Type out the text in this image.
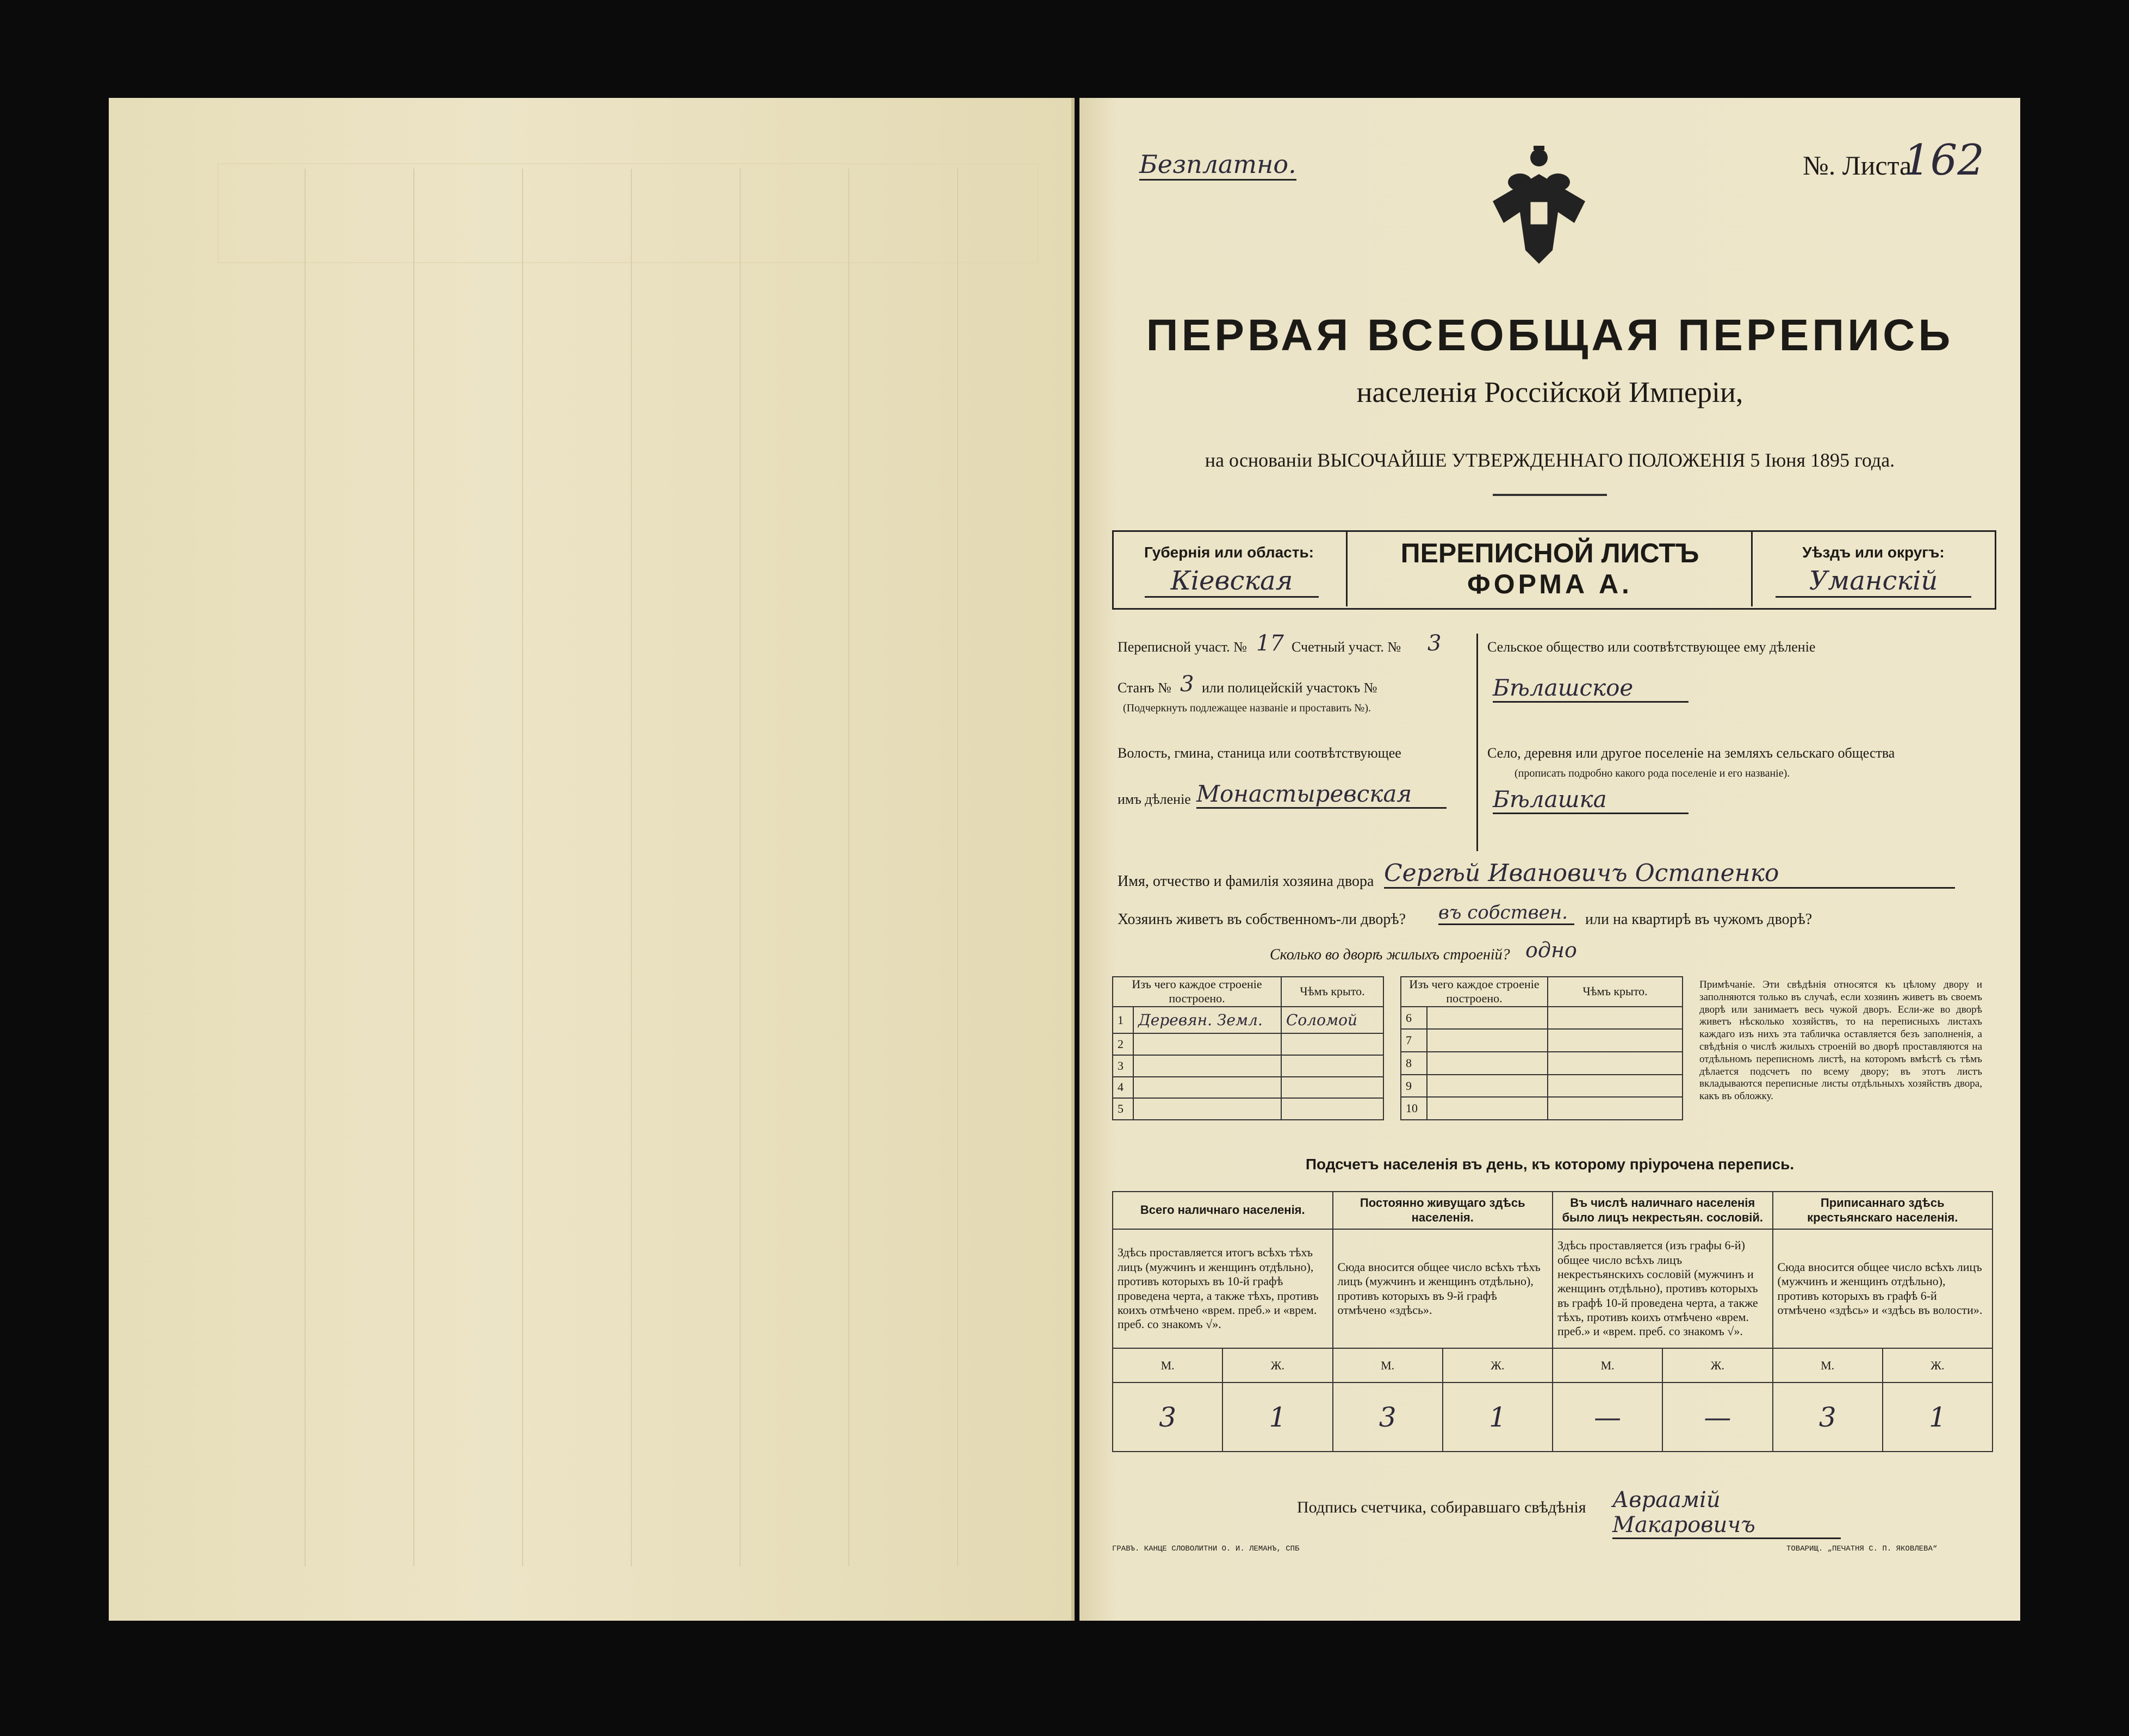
Безплатно.	№. Листа
162
ПЕРВАЯ ВСЕОБЩАЯ ПЕРЕПИСЬ
населенія Россійской Имперіи,
на основаніи ВЫСОЧАЙШЕ УТВЕРЖДЕННАГО ПОЛОЖЕНІЯ 5 Іюня 1895 года.
Губернія или область:
Кіевская
ПЕРЕПИСНОЙ ЛИСТЪ
ФОРМА А.
Уѣздъ или округъ:
Уманскій
Переписной участ. № 17 Счетный участ. № 3
Станъ № 3 или полицейскій участокъ №
(Подчеркнуть подлежащее названіе и проставить №).
Волость, гмина, станица или соотвѣтствующее
имъ дѣленіе Монастыревская
Сельское общество или соотвѣтствующее ему дѣленіе
Бѣлашское
Село, деревня или другое поселеніе на земляхъ сельскаго общества
(прописать подробно какого рода поселеніе и его названіе).
Бѣлашка
Имя, отчество и фамилія хозяина двора Сергѣй Ивановичъ Остапенко
Хозяинъ живетъ въ собственномъ-ли дворѣ? въ собствен.	или на квартирѣ въ чужомъ дворѣ?
Сколько во дворѣ жилыхъ строеній? одно
Изъ чего каждое строеніе построено.		Чѣмъ крыто.
1	Деревян. Земл.	Соломой
2		
3		
4		
5		
Изъ чего каждое строеніе построено.		Чѣмъ крыто.
6		
7		
8		
9		
10		
Примѣчаніе. Эти свѣдѣнія относятся къ цѣлому двору и заполняются только въ случаѣ, если хозяинъ живетъ въ своемъ дворѣ или занимаетъ весь чужой дворъ. Если-же во дворѣ живетъ нѣсколько хозяйствъ, то на переписныхъ листахъ каждаго изъ нихъ эта табличка оставляется безъ заполненія, а свѣдѣнія о числѣ жилыхъ строеній во дворѣ проставляются на отдѣльномъ переписномъ листѣ, на которомъ вмѣстѣ съ тѣмъ дѣлается подсчетъ по всему двору; въ этотъ листъ вкладываются переписные листы отдѣльныхъ хозяйствъ двора, какъ въ обложку.
Подсчетъ населенія въ день, къ которому пріурочена перепись.
Всего наличнаго населенія.		Постоянно живущаго здѣсь населенія.		Въ числѣ наличнаго населенія было лицъ некрестьян. сословій.		Приписаннаго здѣсь крестьянскаго населенія.	
Здѣсь проставляется итогъ всѣхъ тѣхъ лицъ (мужчинъ и женщинъ отдѣльно), противъ которыхъ въ 10-й графѣ проведена черта, а также тѣхъ, противъ коихъ отмѣчено «врем. преб.» и «врем. преб. со знакомъ √».		Сюда вносится общее число всѣхъ тѣхъ лицъ (мужчинъ и женщинъ отдѣльно), противъ которыхъ въ 9-й графѣ отмѣчено «здѣсь».		Здѣсь проставляется (изъ графы 6-й) общее число всѣхъ лицъ некрестьянскихъ сословій (мужчинъ и женщинъ отдѣльно), противъ которыхъ въ графѣ 10-й проведена черта, а также тѣхъ, противъ коихъ отмѣчено «врем. преб.» и «врем. преб. со знакомъ √».		Сюда вносится общее число всѣхъ лицъ (мужчинъ и женщинъ отдѣльно), противъ которыхъ въ графѣ 6-й отмѣчено «здѣсь» и «здѣсь въ волости».	
М.	Ж.	М.	Ж.	М.	Ж.	М.	Ж.
3	1	3	1	—	—	3	1
Подпись счетчика, собиравшаго свѣдѣнія Авраамій Макаровичъ
ГРАВЪ. КАНЦЕ СЛОВОЛИТНИ О. И. ЛЕМАНЪ, СПБ	ТОВАРИЩ. „ПЕЧАТНЯ С. П. ЯКОВЛЕВА“
